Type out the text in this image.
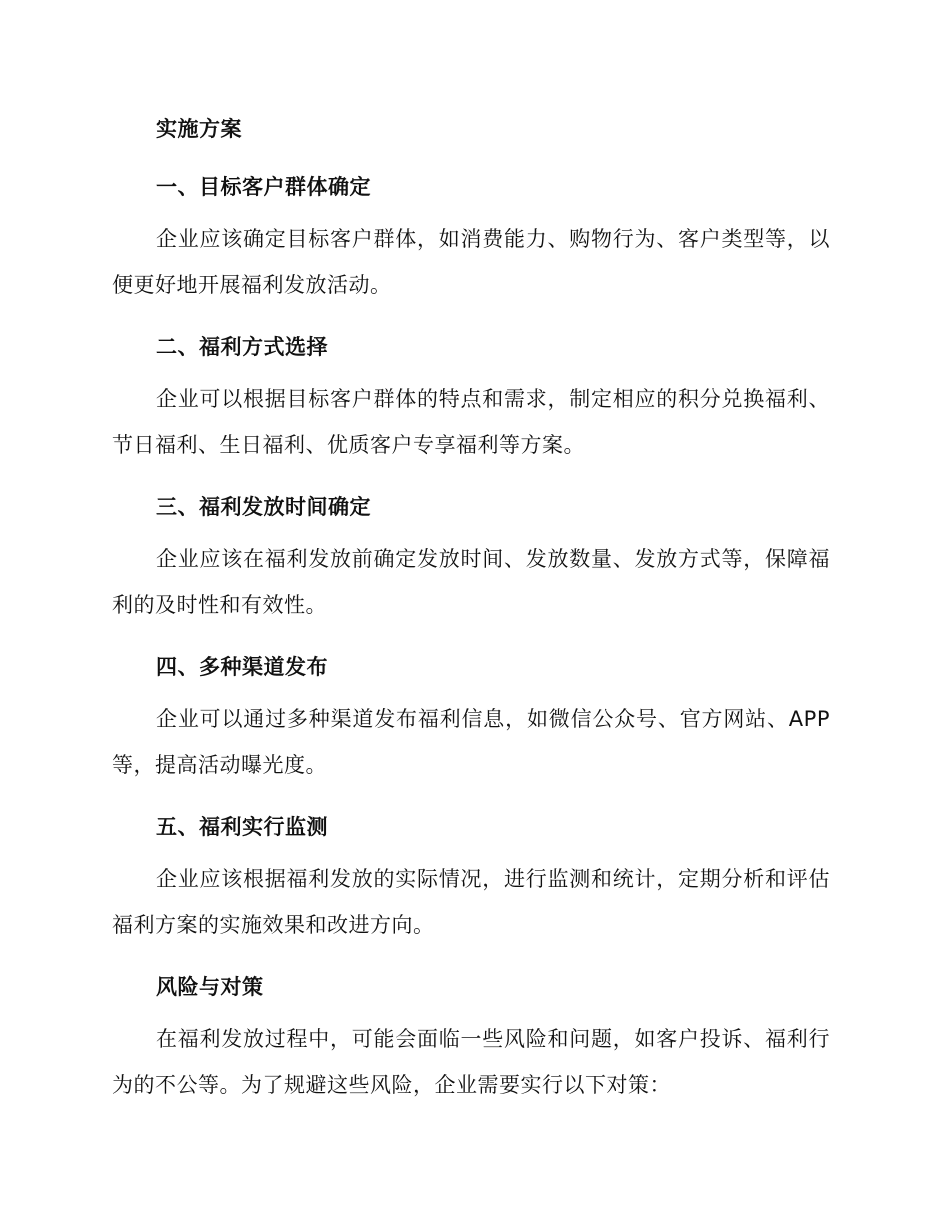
实施方案
一、目标客户群体确定
企业应该确定目标客户群体，如消费能力、购物行为、客户类型等，以便更好地开展福利发放活动。
二、福利方式选择
企业可以根据目标客户群体的特点和需求，制定相应的积分兑换福利、节日福利、生日福利、优质客户专享福利等方案。
三、福利发放时间确定
企业应该在福利发放前确定发放时间、发放数量、发放方式等，保障福利的及时性和有效性。
四、多种渠道发布
企业可以通过多种渠道发布福利信息，如微信公众号、官方网站、APP等，提高活动曝光度。
五、福利实行监测
企业应该根据福利发放的实际情况，进行监测和统计，定期分析和评估福利方案的实施效果和改进方向。
风险与对策
在福利发放过程中，可能会面临一些风险和问题，如客户投诉、福利行为的不公等。为了规避这些风险，企业需要实行以下对策：
